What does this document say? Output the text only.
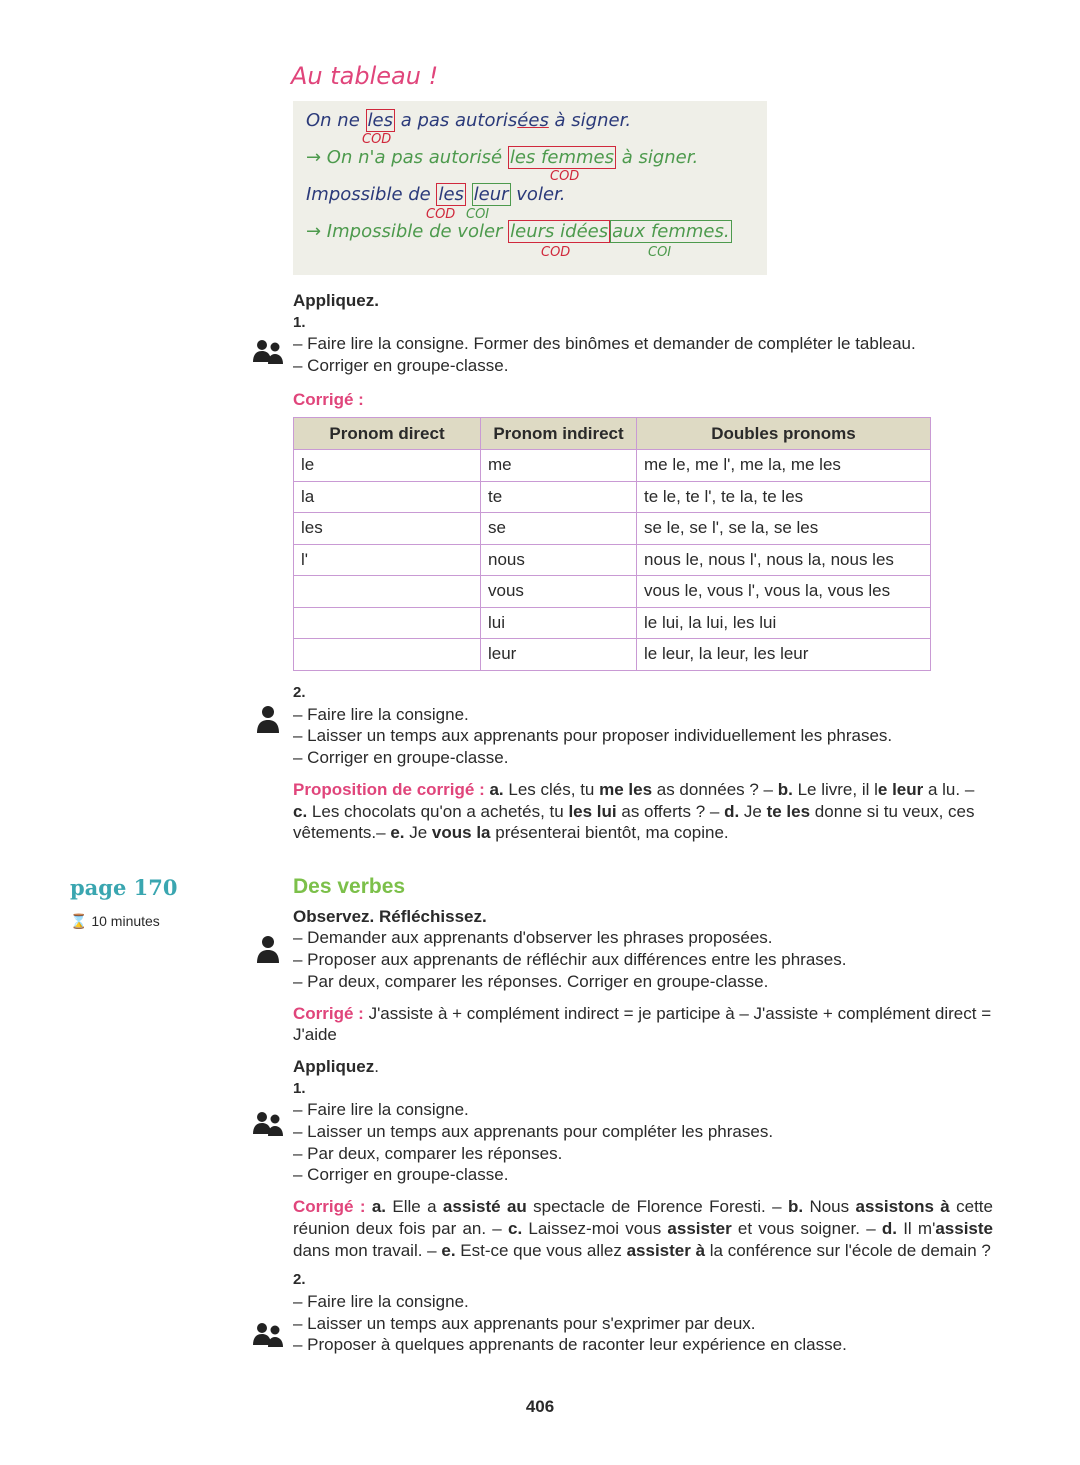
Au tableau !
On ne les a pas autorisées à signer.
COD
→ On n'a pas autorisé les femmes à signer.
COD
Impossible de les leur voler.
COD COI
→ Impossible de voler leurs idées aux femmes.
COD	COI
Appliquez.
1.
– Faire lire la consigne. Former des binômes et demander de compléter le tableau.
– Corriger en groupe-classe.
Corrigé :
Pronom direct	Pronom indirect	Doubles pronoms
le	me	me le, me l', me la, me les
la	te	te le, te l', te la, te les
les	se	se le, se l', se la, se les
l'	nous	nous le, nous l', nous la, nous les
	vous	vous le, vous l', vous la, vous les
	lui	le lui, la lui, les lui
	leur	le leur, la leur, les leur
2.
– Faire lire la consigne.
– Laisser un temps aux apprenants pour proposer individuellement les phrases.
– Corriger en groupe-classe.
Proposition de corrigé : a. Les clés, tu me les as données ? – b. Le livre, il le leur a lu. – c. Les chocolats qu'on a achetés, tu les lui as offerts ? – d. Je te les donne si tu veux, ces vêtements.– e. Je vous la présenterai bientôt, ma copine.
page 170
⌛ 10 minutes
Des verbes
Observez. Réfléchissez.
– Demander aux apprenants d'observer les phrases proposées.
– Proposer aux apprenants de réfléchir aux différences entre les phrases.
– Par deux, comparer les réponses. Corriger en groupe-classe.
Corrigé : J'assiste à + complément indirect = je participe à – J'assiste + complément direct = J'aide
Appliquez.
1.
– Faire lire la consigne.
– Laisser un temps aux apprenants pour compléter les phrases.
– Par deux, comparer les réponses.
– Corriger en groupe-classe.
Corrigé : a. Elle a assisté au spectacle de Florence Foresti. – b. Nous assistons à cette réunion deux fois par an. – c. Laissez-moi vous assister et vous soigner. – d. Il m'assiste dans mon travail. – e. Est-ce que vous allez assister à la conférence sur l'école de demain ?
2.
– Faire lire la consigne.
– Laisser un temps aux apprenants pour s'exprimer par deux.
– Proposer à quelques apprenants de raconter leur expérience en classe.
406
